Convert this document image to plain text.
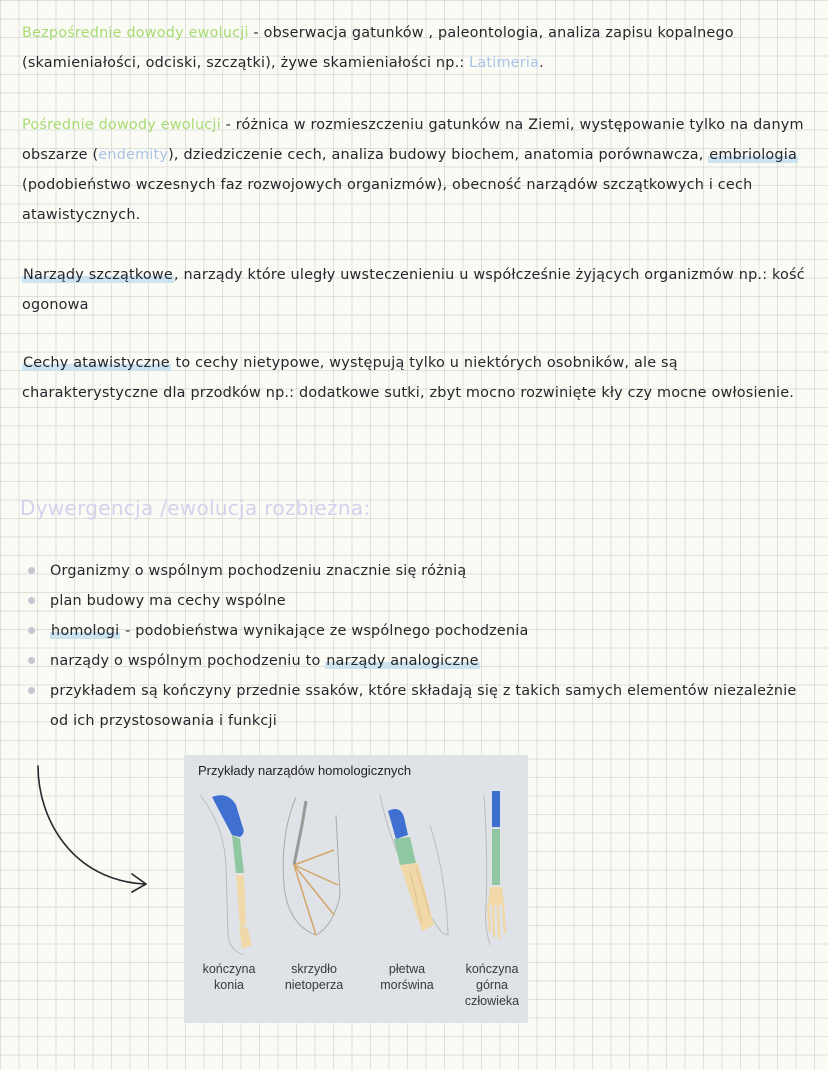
Bezpośrednie dowody ewolucji - obserwacja gatunków , paleontologia, analiza zapisu kopalnego (skamieniałości, odciski, szczątki), żywe skamieniałości np.: Latimeria.
Pośrednie dowody ewolucji - różnica w rozmieszczeniu gatunków na Ziemi, występowanie tylko na danym obszarze (endemity), dziedziczenie cech, analiza budowy biochem, anatomia porównawcza, embriologia (podobieństwo wczesnych faz rozwojowych organizmów), obecność narządów szczątkowych i cech atawistycznych.
Narządy szczątkowe, narządy które uległy uwsteczenieniu u współcześnie żyjących organizmów np.: kość ogonowa
Cechy atawistyczne to cechy nietypowe, występują tylko u niektórych osobników, ale są charakterystyczne dla przodków np.: dodatkowe sutki, zbyt mocno rozwinięte kły czy mocne owłosienie.
Dywergencja /ewolucja rozbieżna:
Organizmy o wspólnym pochodzeniu znacznie się różnią
plan budowy ma cechy wspólne
homologi - podobieństwa wynikające ze wspólnego pochodzenia
narządy o wspólnym pochodzeniu to narządy analogiczne
przykładem są kończyny przednie ssaków, które składają się z takich samych elementów niezależnie od ich przystosowania i funkcji
Przykłady narządów homologicznych
kończyna
konia
skrzydło
nietoperza
płetwa
morświna
kończyna
górna
człowieka
